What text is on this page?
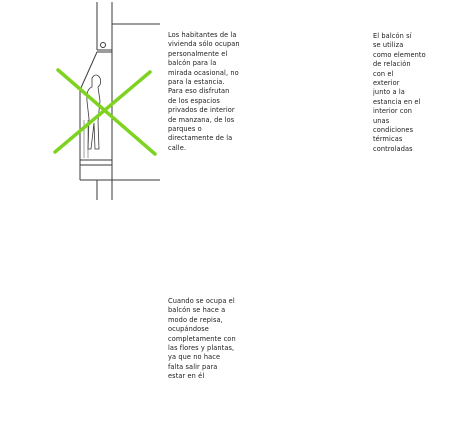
Los habitantes de la
vivienda sólo ocupan
personalmente el
balcón para la
mirada ocasional, no
para la estancia.
Para eso disfrutan
de los espacios
privados de interior
de manzana, de los
parques o
directamente de la
calle.
El balcón sí
se utiliza
como elemento
de relación
con el
exterior
junto a la
estancia en el
interior con
unas
condiciones
térmicas
controladas
Cuando se ocupa el
balcón se hace a
modo de repisa,
ocupándose
completamente con
las flores y plantas,
ya que no hace
falta salir para
estar en él
